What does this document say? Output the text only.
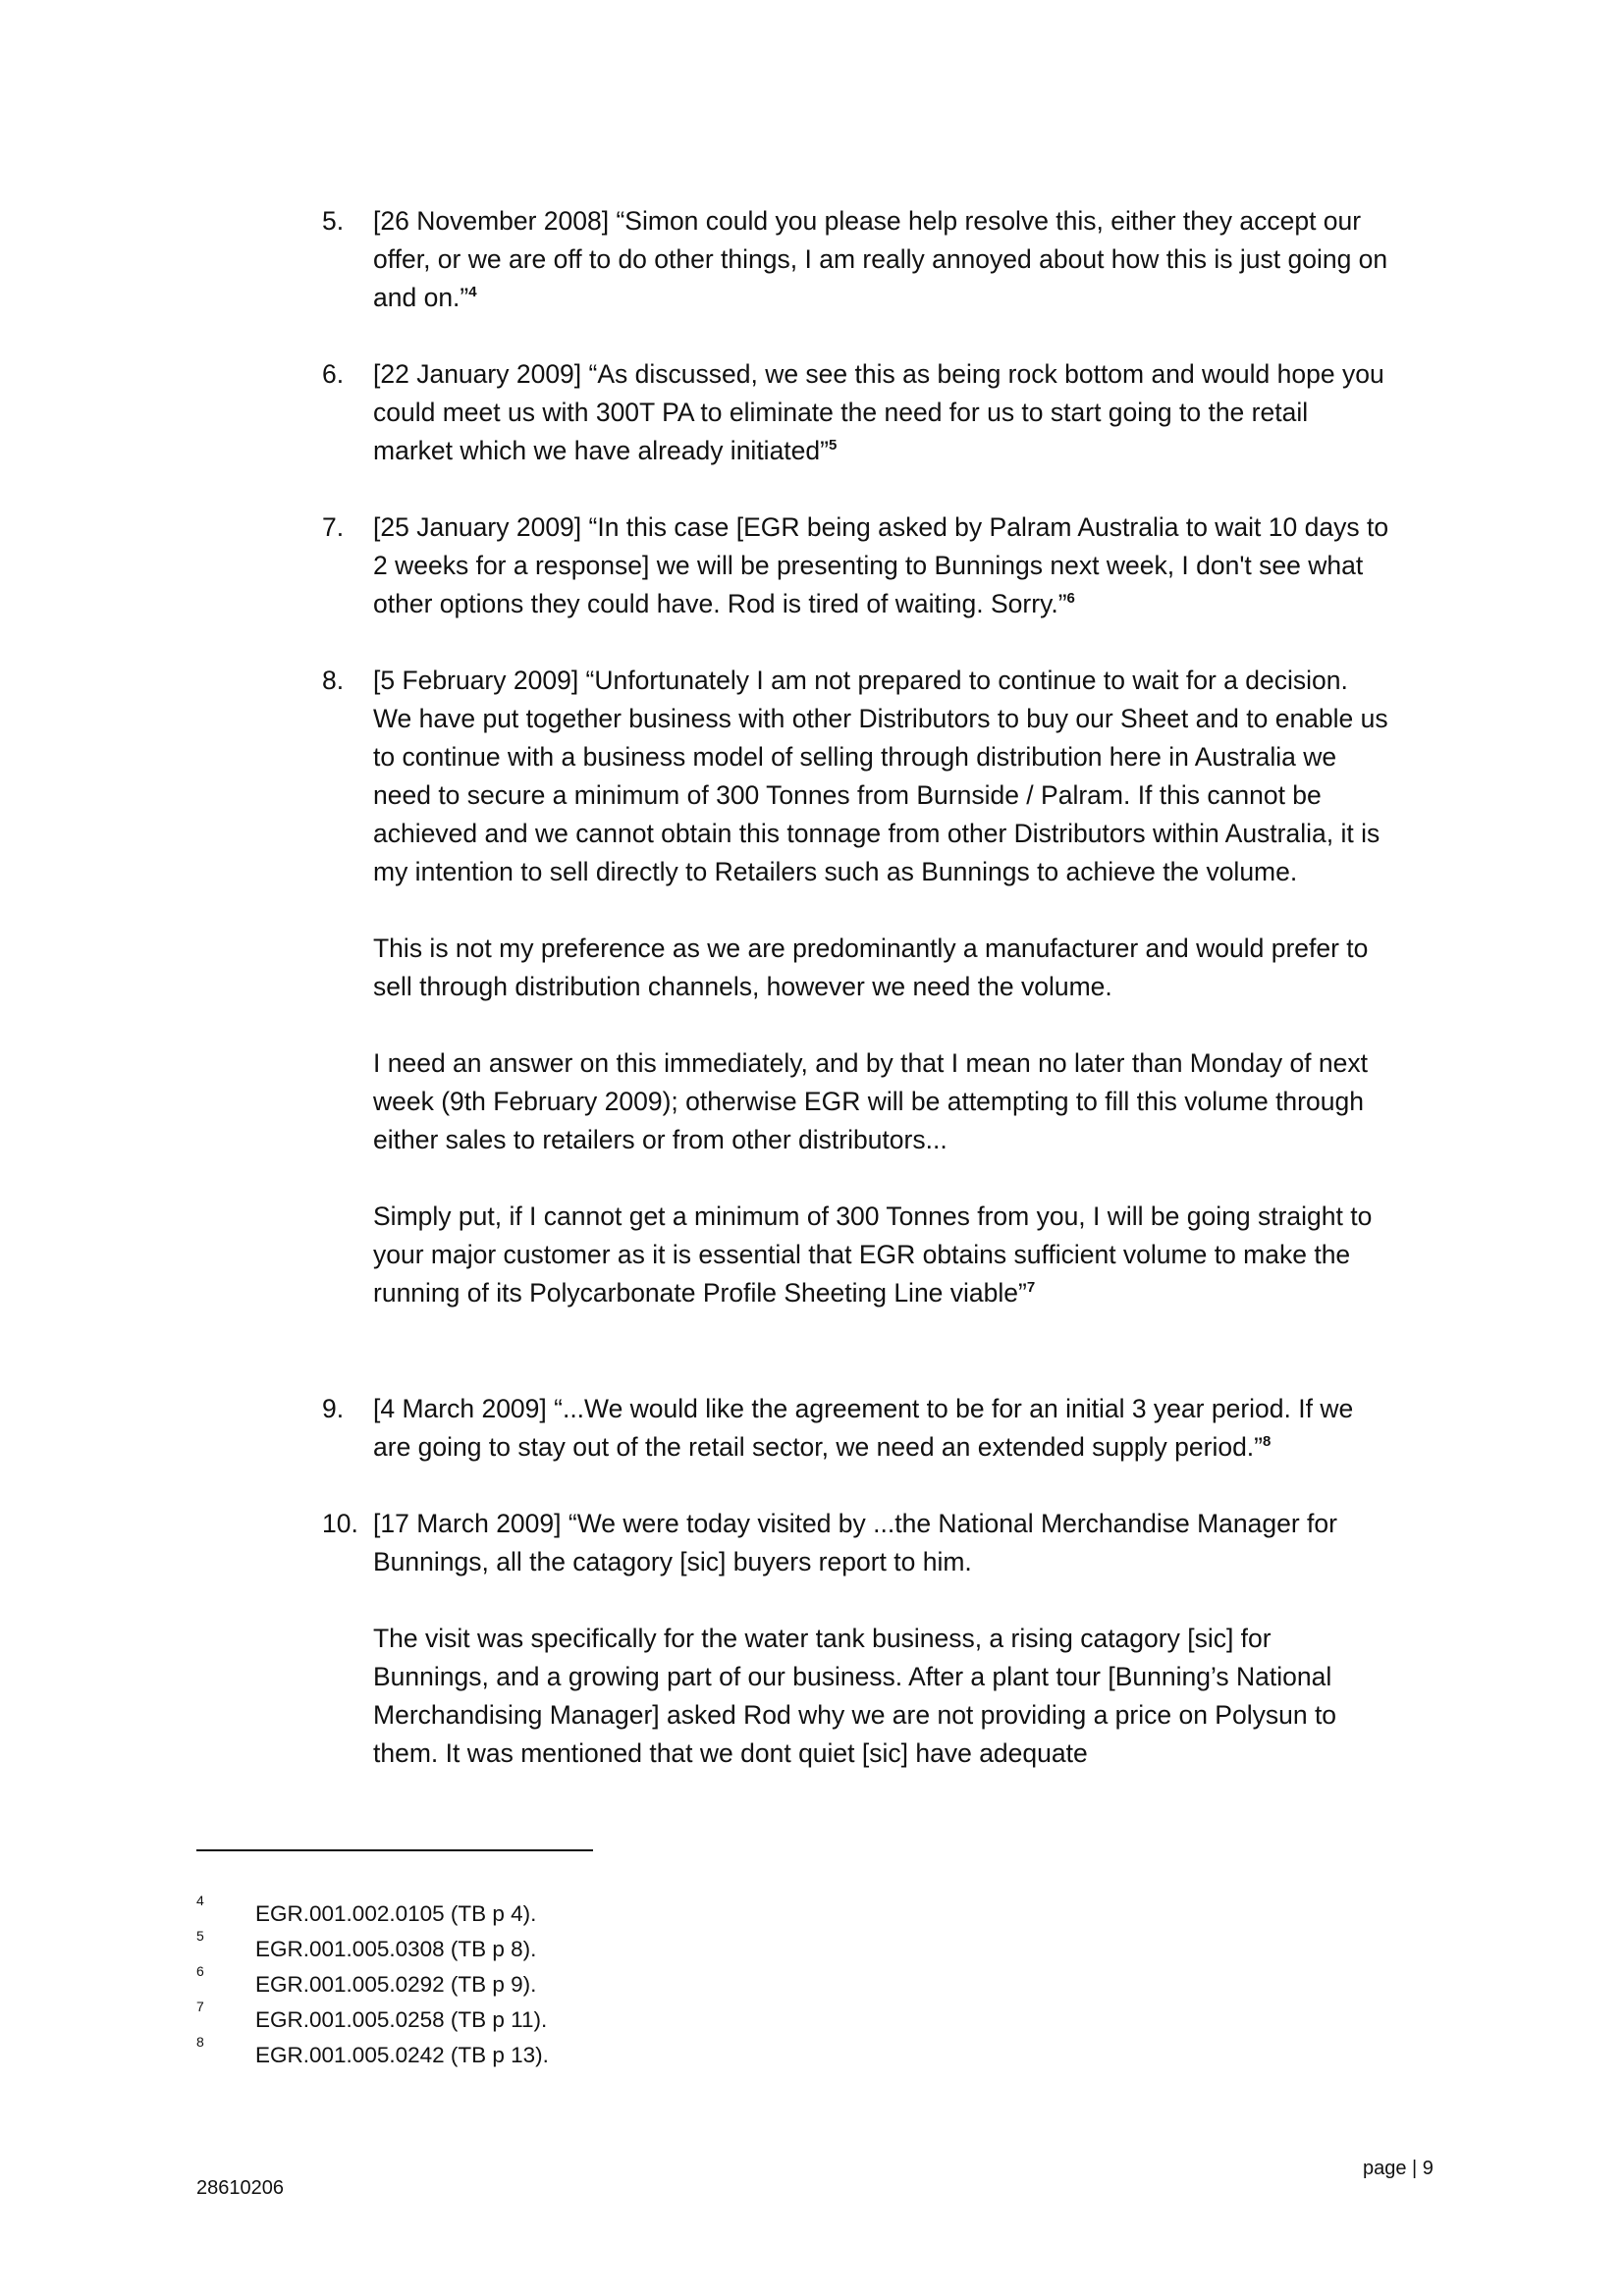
5. [26 November 2008] “Simon could you please help resolve this, either they accept our offer, or we are off to do other things, I am really annoyed about how this is just going on and on.”$^4$

6. [22 January 2009] “As discussed, we see this as being rock bottom and would hope you could meet us with 300T PA to eliminate the need for us to start going to the retail market which we have already initiated”$^5$

7. [25 January 2009] “In this case [EGR being asked by Palram Australia to wait 10 days to 2 weeks for a response] we will be presenting to Bunnings next week, I don't see what other options they could have. Rod is tired of waiting. Sorry.”$^6$

8. [5 February 2009] “Unfortunately I am not prepared to continue to wait for a decision. We have put together business with other Distributors to buy our Sheet and to enable us to continue with a business model of selling through distribution here in Australia we need to secure a minimum of 300 Tonnes from Burnside / Palram. If this cannot be achieved and we cannot obtain this tonnage from other Distributors within Australia, it is my intention to sell directly to Retailers such as Bunnings to achieve the volume.

This is not my preference as we are predominantly a manufacturer and would prefer to sell through distribution channels, however we need the volume.

I need an answer on this immediately, and by that I mean no later than Monday of next week (9th February 2009); otherwise EGR will be attempting to fill this volume through either sales to retailers or from other distributors...

Simply put, if I cannot get a minimum of 300 Tonnes from you, I will be going straight to your major customer as it is essential that EGR obtains sufficient volume to make the running of its Polycarbonate Profile Sheeting Line viable”$^7$

9. [4 March 2009] “...We would like the agreement to be for an initial 3 year period. If we are going to stay out of the retail sector, we need an extended supply period.”$^8$

10. [17 March 2009] “We were today visited by ...the National Merchandise Manager for Bunnings, all the catagory [sic] buyers report to him.

The visit was specifically for the water tank business, a rising catagory [sic] for Bunnings, and a growing part of our business. After a plant tour [Bunning’s National Merchandising Manager] asked Rod why we are not providing a price on Polysun to them. It was mentioned that we dont quiet [sic] have adequate

4
EGR.001.002.0105 (TB p 4).
5
EGR.001.005.0308 (TB p 8).
6
EGR.001.005.0292 (TB p 9).
7
EGR.001.005.0258 (TB p 11).
8
EGR.001.005.0242 (TB p 13).
page | 9
28610206
